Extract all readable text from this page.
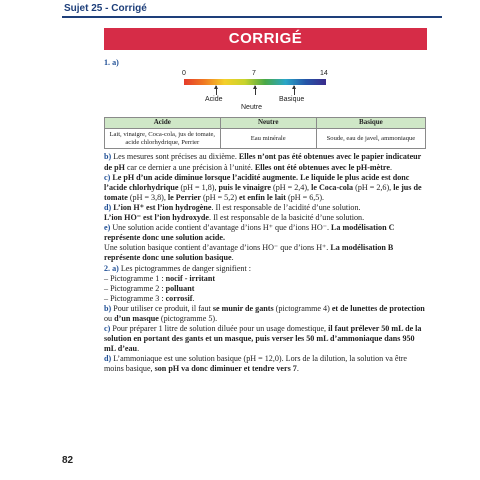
Sujet 25 - Corrigé
CORRIGÉ

1. a)

0	7	14
Acide
Neutre
Basique
Acide	Neutre	Basique
Lait, vinaigre, Coca-cola, jus de tomate, acide chlorhydrique, Perrier	Eau minérale	Soude, eau de javel, ammoniaque

b) Les mesures sont précises au dixième. Elles n’ont pas été obtenues avec le papier indicateur de pH car ce dernier a une précision à l’unité. Elles ont été obtenues avec le pH-mètre.

c) Le pH d’un acide diminue lorsque l’acidité augmente. Le liquide le plus acide est donc l’acide chlorhydrique (pH = 1,8), puis le vinaigre (pH = 2,4), le Coca-cola (pH = 2,6), le jus de tomate (pH = 3,8), le Perrier (pH = 5,2) et enfin le lait (pH = 6,5).

d) L’ion H⁺ est l’ion hydrogène. Il est responsable de l’acidité d’une solution.
L’ion HO⁻ est l’ion hydroxyde. Il est responsable de la basicité d’une solution.

e) Une solution acide contient d’avantage d’ions H⁺ que d’ions HO⁻. La modélisation C représente donc une solution acide.
Une solution basique contient d’avantage d’ions HO⁻ que d’ions H⁺. La modélisation B représente donc une solution basique.

2. a) Les pictogrammes de danger signifient :
– Pictogramme 1 : nocif - irritant
– Pictogramme 2 : polluant
– Pictogramme 3 : corrosif.

b) Pour utiliser ce produit, il faut se munir de gants (pictogramme 4) et de lunettes de protection ou d’un masque (pictogramme 5).

c) Pour préparer 1 litre de solution diluée pour un usage domestique, il faut prélever 50 mL de la solution en portant des gants et un masque, puis verser les 50 mL d’ammoniaque dans 950 mL d’eau.

d) L’ammoniaque est une solution basique (pH = 12,0). Lors de la dilution, la solution va être moins basique, son pH va donc diminuer et tendre vers 7.

82
